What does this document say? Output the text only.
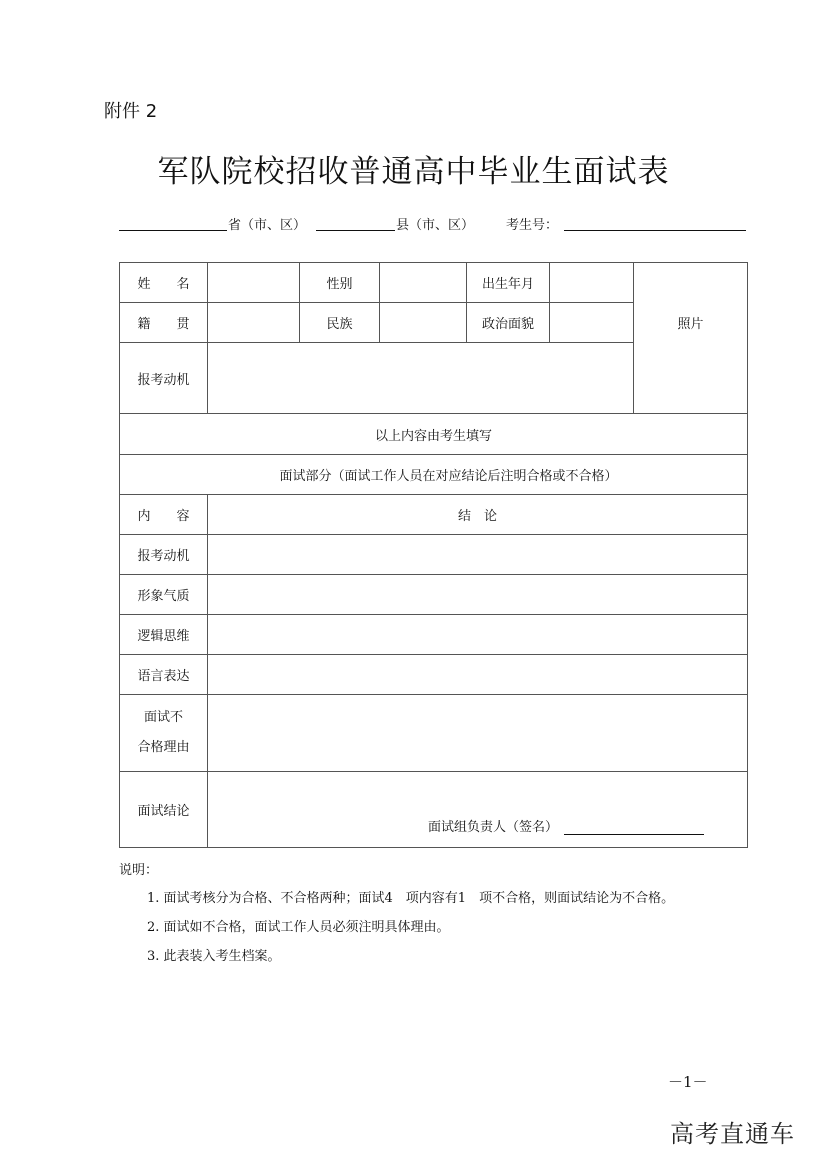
附件 2
军队院校招收普通高中毕业生面试表
省（市、区）	县（市、区） 考生号：
姓　　名		性别		出生年月		照片
籍　　贯		民族		政治面貌		
报考动机						
以上内容由考生填写						
面试部分（面试工作人员在对应结论后注明合格或不合格）						
内　　容	结　论					
报考动机						
形象气质						
逻辑思维						
语言表达						

面试不
合格理由						

面试结论	面试组负责人（签名）					
说明：
1. 面试考核分为合格、不合格两种；面试4　项内容有1　项不合格，则面试结论为不合格。
2. 面试如不合格，面试工作人员必须注明具体理由。
3. 此表装入考生档案。
－1－
高考直通车
